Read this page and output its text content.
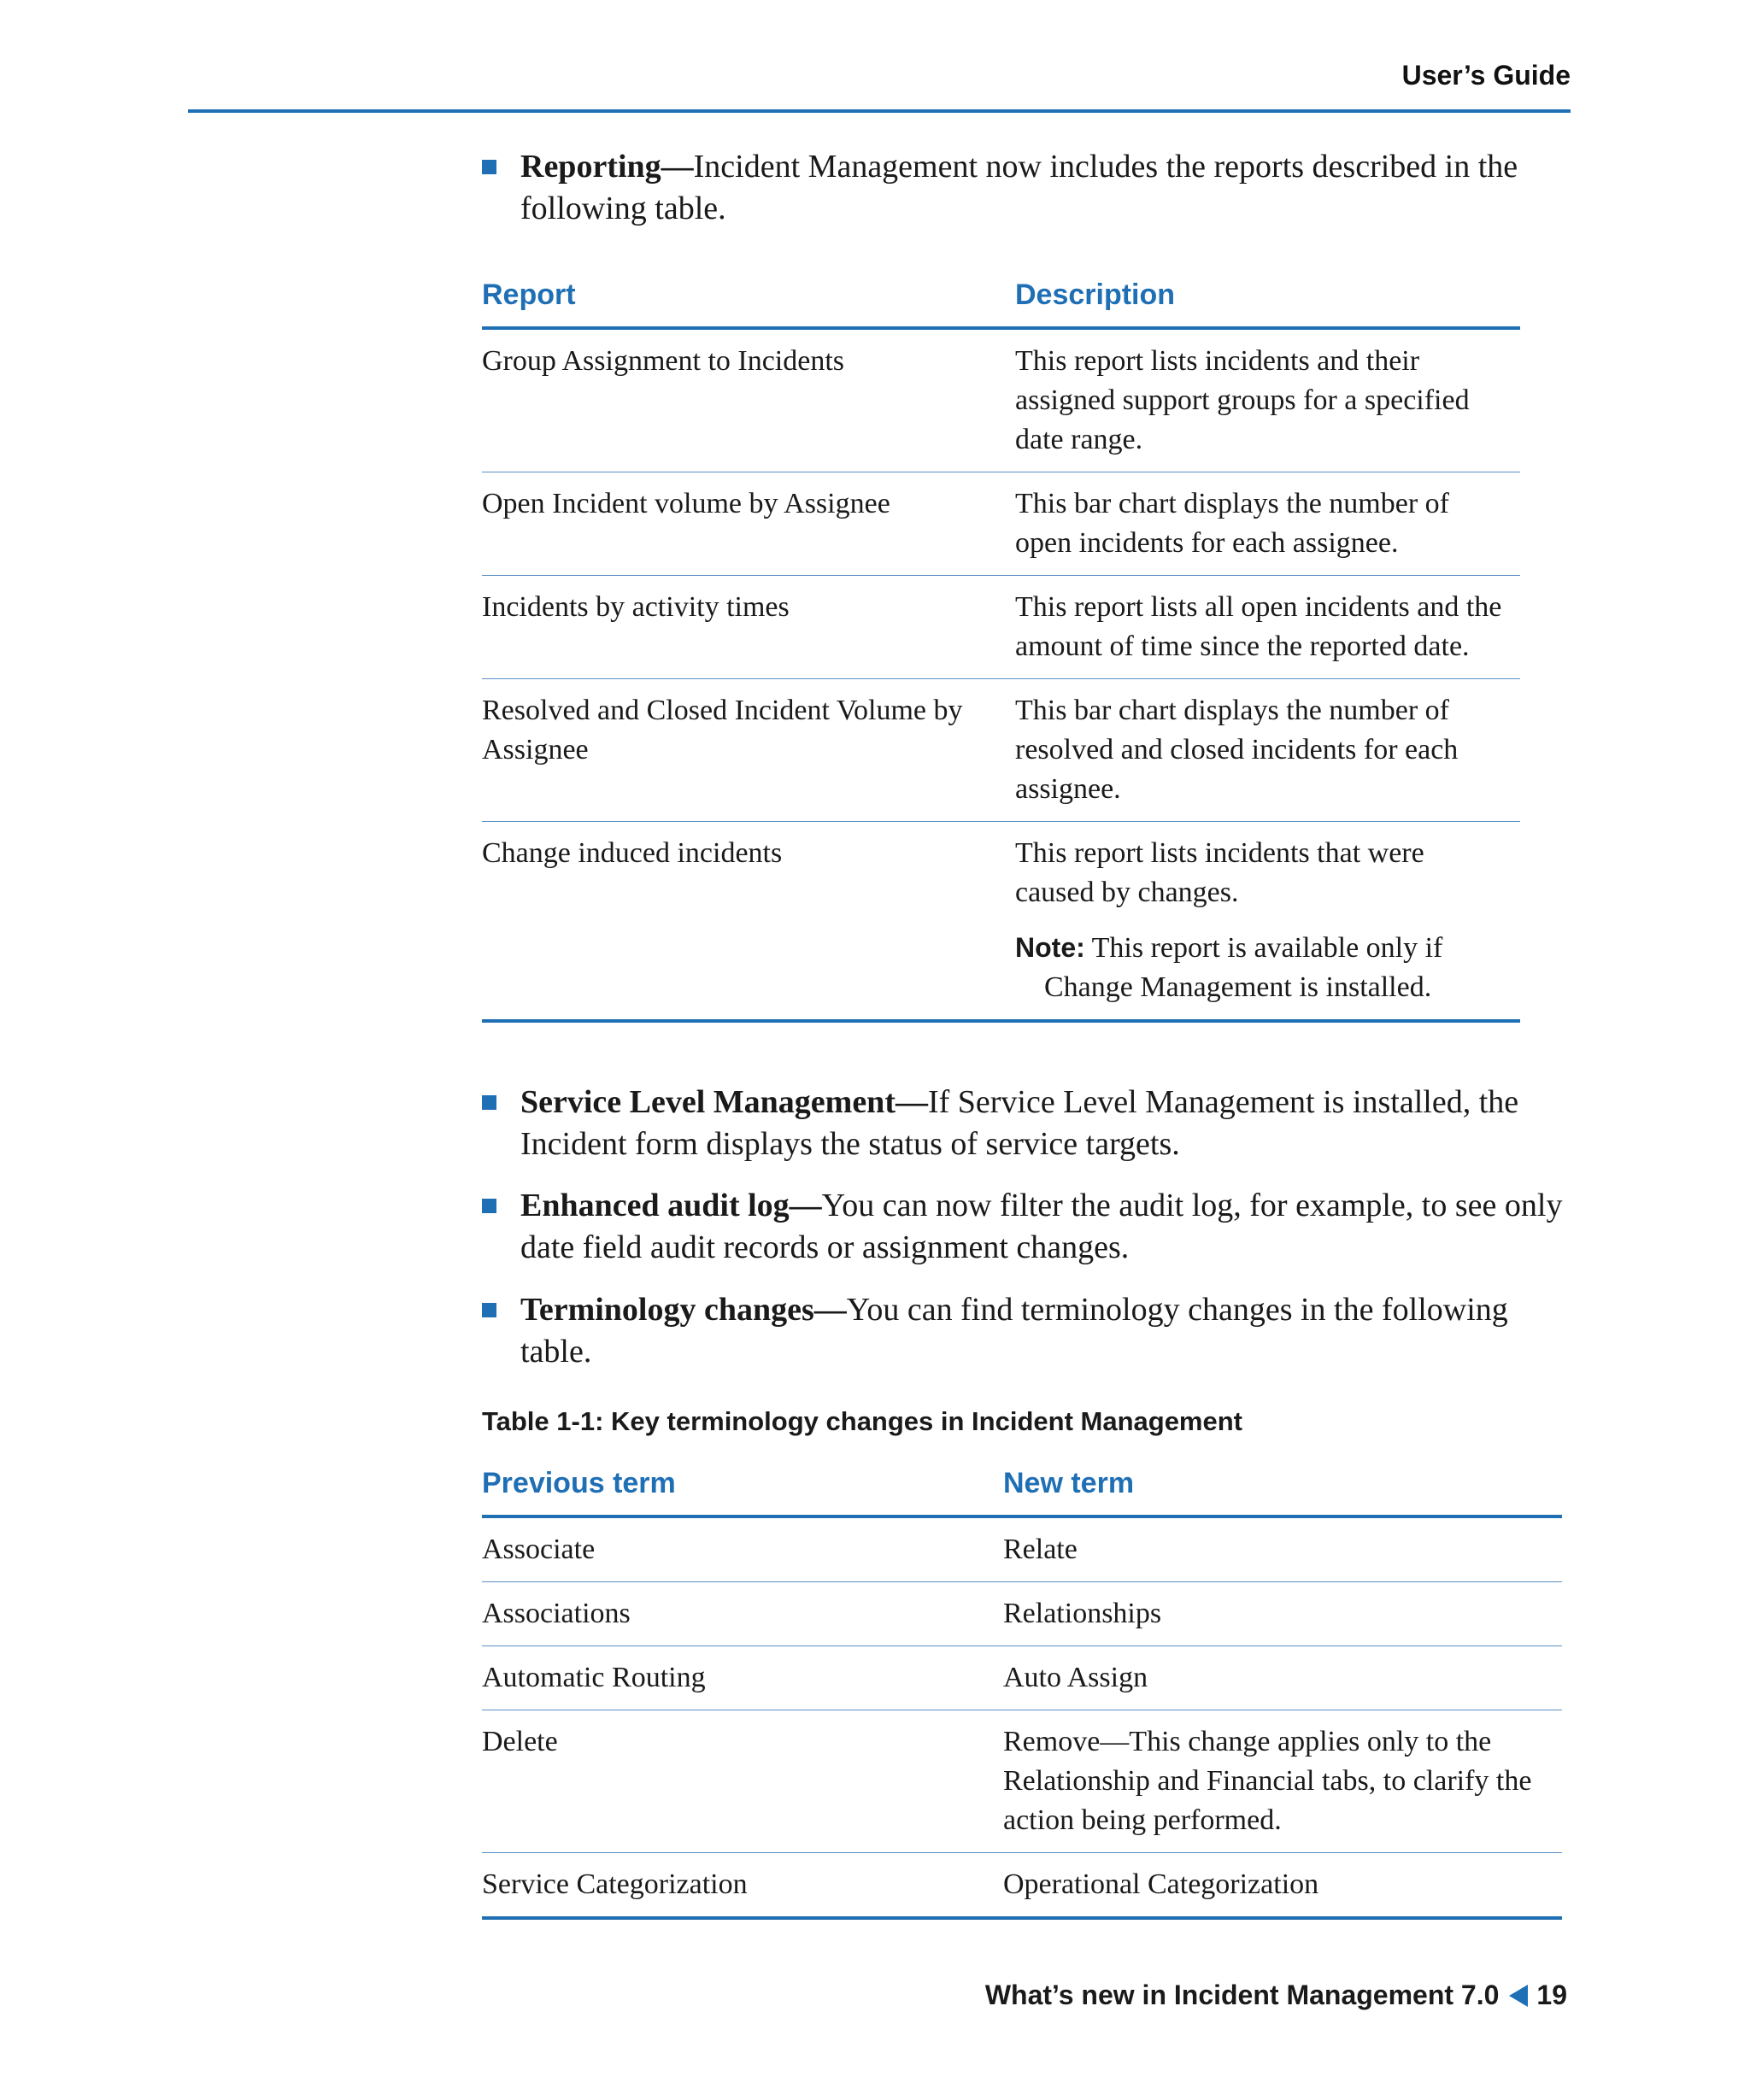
User’s Guide
Reporting—Incident Management now includes the reports described in the following table.
Report	Description
Group Assignment to Incidents	This report lists incidents and their assigned support groups for a specified date range.
Open Incident volume by Assignee	This bar chart displays the number of open incidents for each assignee.
Incidents by activity times	This report lists all open incidents and the amount of time since the reported date.
Resolved and Closed Incident Volume by Assignee	This bar chart displays the number of resolved and closed incidents for each assignee.
Change induced incidents	This report lists incidents that were caused by changes.
Note: This report is available only if
Change Management is installed.
Service Level Management—If Service Level Management is installed, the Incident form displays the status of service targets.
Enhanced audit log—You can now filter the audit log, for example, to see only date field audit records or assignment changes.
Terminology changes—You can find terminology changes in the following table.
Table 1-1: Key terminology changes in Incident Management
Previous term	New term
Associate	Relate
Associations	Relationships
Automatic Routing	Auto Assign
Delete	Remove—This change applies only to the Relationship and Financial tabs, to clarify the action being performed.
Service Categorization	Operational Categorization
What’s new in Incident Management 7.0 19
